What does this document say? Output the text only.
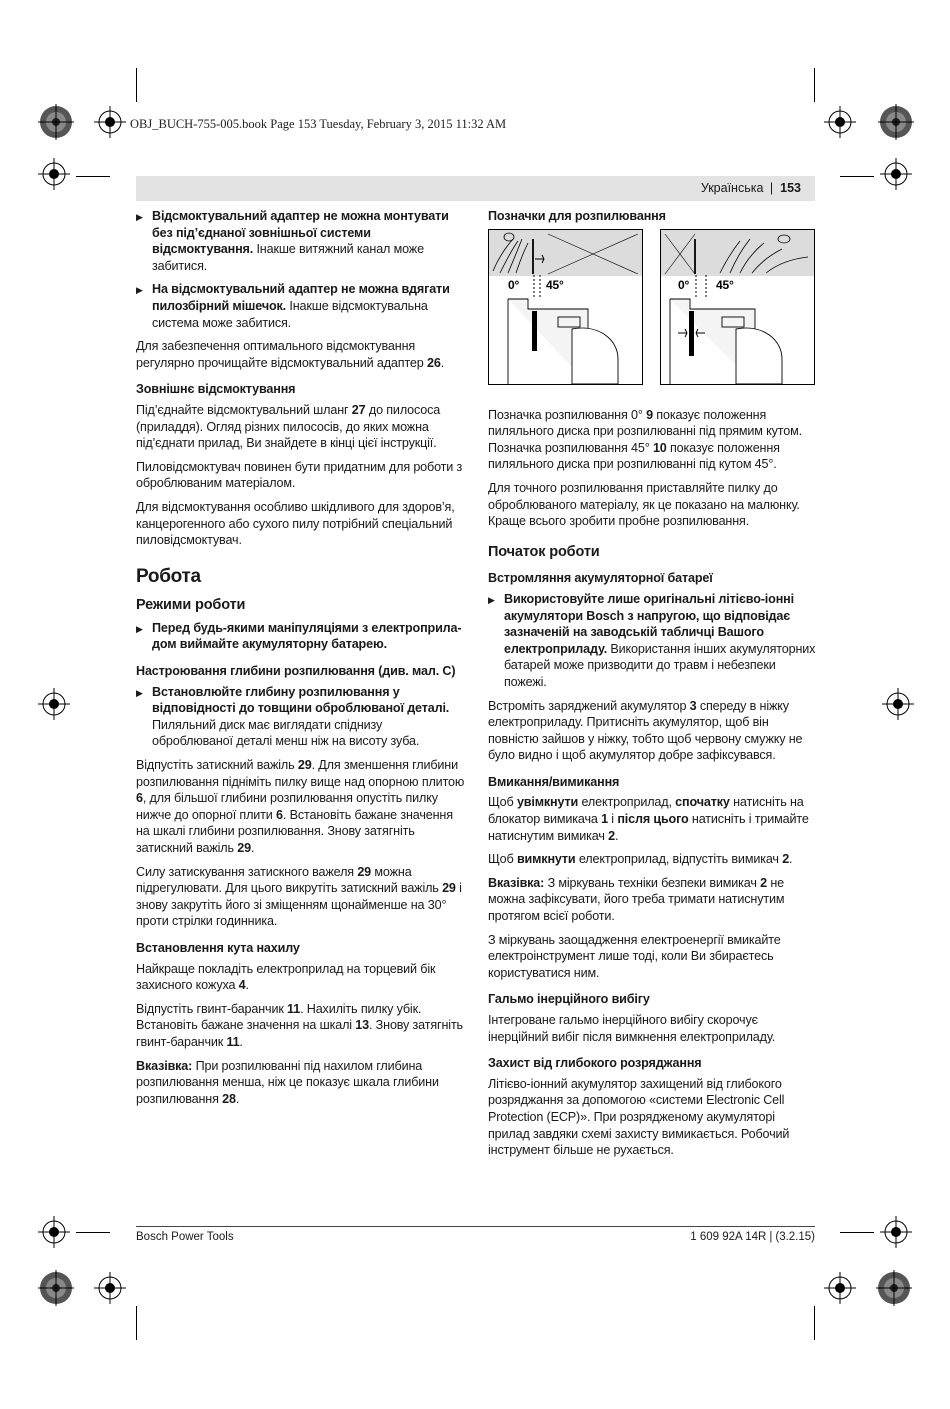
OBJ_BUCH-755-005.book Page 153 Tuesday, February 3, 2015 11:32 AM
Українська | 153
▶ Відсмоктувальний адаптер не можна монтувати без під’єднаної зовнішньої системи відсмоктування. Інакше витяжний канал може забитися.
▶ На відсмоктувальний адаптер не можна вдягати пилозбірний мішечок. Інакше відсмоктувальна система може забитися.

Для забезпечення оптимального відсмоктування регулярно прочищайте відсмоктувальний адаптер 26.

Зовнішнє відсмоктування

Під’єднайте відсмоктувальний шланг 27 до пилососа (приладдя). Огляд різних пилососів, до яких можна під’єднати прилад, Ви знайдете в кінці цієї інструкції.

Пиловідсмоктувач повинен бути придатним для роботи з оброблюваним матеріалом.

Для відсмоктування особливо шкідливого для здоров’я, канцерогенного або сухого пилу потрібний спеціальний пиловідсмоктувач.

Робота
Режими роботи
▶ Перед будь-якими маніпуляціями з електроприла-дом виймайте акумуляторну батарею.
Настроювання глибини розпилювання (див. мал. C)
▶ Встановлюйте глибину розпилювання у відповідності до товщини оброблюваної деталі. Пиляльний диск має виглядати спіднизу оброблюваної деталі менш ніж на висоту зуба.

Відпустіть затискний важіль 29. Для зменшення глибини розпилювання підніміть пилку вище над опорною плитою 6, для більшої глибини розпилювання опустіть пилку нижче до опорної плити 6. Встановіть бажане значення на шкалі глибини розпилювання. Знову затягніть затискний важіль 29.

Силу затискування затискного важеля 29 можна підрегулювати. Для цього викрутіть затискний важіль 29 і знову закрутіть його зі зміщенням щонайменше на 30° проти стрілки годинника.

Встановлення кута нахилу

Найкраще покладіть електроприлад на торцевий бік захисного кожуха 4.

Відпустіть гвинт-баранчик 11. Нахиліть пилку убік. Встановіть бажане значення на шкалі 13. Знову затягніть гвинт-баранчик 11.

Вказівка: При розпилюванні під нахилом глибина розпилювання менша, ніж це показує шкала глибини розпилювання 28.

Позначки для розпилювання
0° 45°	0° 45°

Позначка розпилювання 0° 9 показує положення пиляльного диска при розпилюванні під прямим кутом. Позначка розпилювання 45° 10 показує положення пиляльного диска при розпилюванні під кутом 45°.

Для точного розпилювання приставляйте пилку до оброблюваного матеріалу, як це показано на малюнку. Краще всього зробити пробне розпилювання.

Початок роботи
Встромляння акумуляторної батареї
▶ Використовуйте лише оригінальні літієво-іонні акумулятори Bosch з напругою, що відповідає зазначеній на заводській табличці Вашого електроприладу. Використання інших акумуляторних батарей може призводити до травм і небезпеки пожежі.

Встроміть заряджений акумулятор 3 спереду в ніжку електроприладу. Притисніть акумулятор, щоб він повністю зайшов у ніжку, тобто щоб червону смужку не було видно і щоб акумулятор добре зафіксувався.

Вмикання/вимикання

Щоб увімкнути електроприлад, спочатку натисніть на блокатор вимикача 1 і після цього натисніть і тримайте натиснутим вимикач 2.

Щоб вимкнути електроприлад, відпустіть вимикач 2.

Вказівка: З міркувань техніки безпеки вимикач 2 не можна зафіксувати, його треба тримати натиснутим протягом всієї роботи.

З міркувань заощадження електроенергії вмикайте електроінструмент лише тоді, коли Ви збираєтесь користуватися ним.

Гальмо інерційного вибігу

Інтегроване гальмо інерційного вибігу скорочує інерційний вибіг після вимкнення електроприладу.

Захист від глибокого розряджання

Літієво-іонний акумулятор захищений від глибокого розряджання за допомогою «системи Electronic Cell Protection (ECP)». При розрядженому акумуляторі прилад завдяки схемі захисту вимикається. Робочий інструмент більше не рухається.

Bosch Power Tools	1 609 92A 14R | (3.2.15)
